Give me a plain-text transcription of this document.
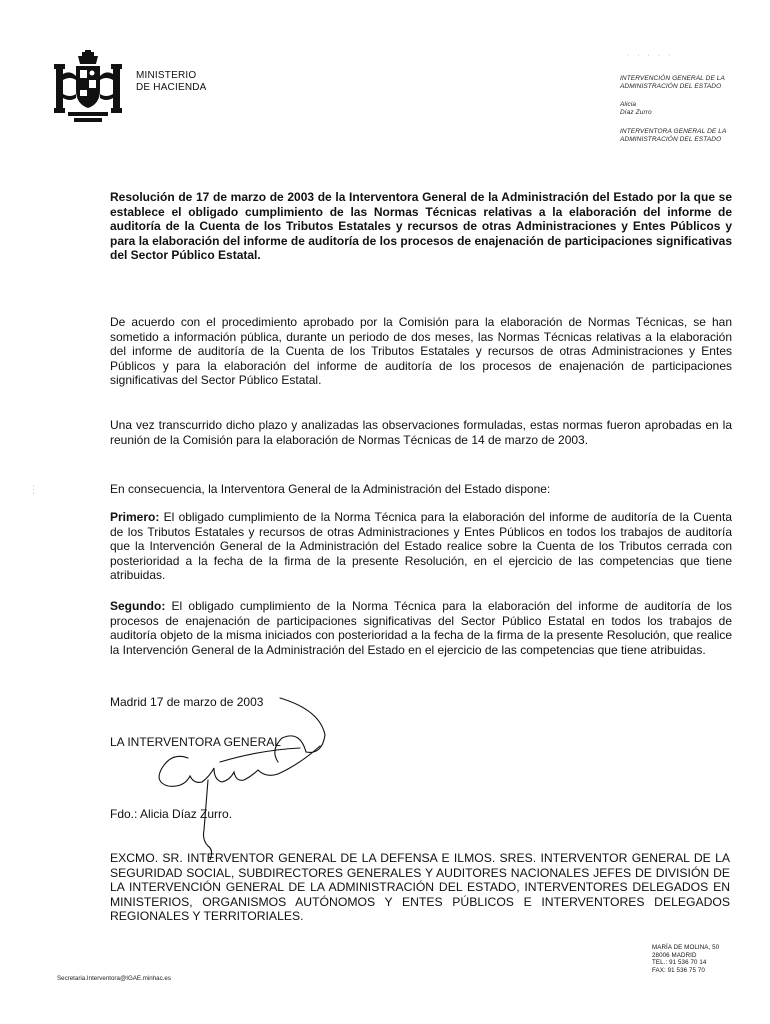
MINISTERIO
DE HACIENDA
· · · · ·
INTERVENCIÓN GENERAL DE LA
ADMINISTRACIÓN DEL ESTADO
Alicia
Díaz Zurro
INTERVENTORA GENERAL DE LA
ADMINISTRACIÓN DEL ESTADO
· · ·
Resolución de 17 de marzo de 2003 de la Interventora General de la Administración del Estado por la que se establece el obligado cumplimiento de las Normas Técnicas relativas a la elaboración del informe de auditoría de la Cuenta de los Tributos Estatales y recursos de otras Administraciones y Entes Públicos y para la elaboración del informe de auditoría de los procesos de enajenación de participaciones significativas del Sector Público Estatal.
De acuerdo con el procedimiento aprobado por la Comisión para la elaboración de Normas Técnicas, se han sometido a información pública, durante un periodo de dos meses, las Normas Técnicas relativas a la elaboración del informe de auditoría de la Cuenta de los Tributos Estatales y recursos de otras Administraciones y Entes Públicos y para la elaboración del informe de auditoría de los procesos de enajenación de participaciones significativas del Sector Público Estatal.
Una vez transcurrido dicho plazo y analizadas las observaciones formuladas, estas normas fueron aprobadas en la reunión de la Comisión para la elaboración de Normas Técnicas de 14 de marzo de 2003.
En consecuencia, la Interventora General de la Administración del Estado dispone:
Primero: El obligado cumplimiento de la Norma Técnica para la elaboración del informe de auditoría de la Cuenta de los Tributos Estatales y recursos de otras Administraciones y Entes Públicos en todos los trabajos de auditoría que la Intervención General de la Administración del Estado realice sobre la Cuenta de los Tributos cerrada con posterioridad a la fecha de la firma de la presente Resolución, en el ejercicio de las competencias que tiene atribuidas.
Segundo: El obligado cumplimiento de la Norma Técnica para la elaboración del informe de auditoría de los procesos de enajenación de participaciones significativas del Sector Público Estatal en todos los trabajos de auditoría objeto de la misma iniciados con posterioridad a la fecha de la firma de la presente Resolución, que realice la Intervención General de la Administración del Estado en el ejercicio de las competencias que tiene atribuidas.
Madrid 17 de marzo de 2003
LA INTERVENTORA GENERAL
Fdo.: Alicia Díaz Zurro.
EXCMO. SR. INTERVENTOR GENERAL DE LA DEFENSA E ILMOS. SRES. INTERVENTOR GENERAL DE LA SEGURIDAD SOCIAL, SUBDIRECTORES GENERALES Y AUDITORES NACIONALES JEFES DE DIVISIÓN DE LA INTERVENCIÓN GENERAL DE LA ADMINISTRACIÓN DEL ESTADO, INTERVENTORES DELEGADOS EN MINISTERIOS, ORGANISMOS AUTÓNOMOS Y ENTES PÚBLICOS E INTERVENTORES DELEGADOS REGIONALES Y TERRITORIALES.
MARÍA DE MOLINA, 50
28006 MADRID
TEL.: 91 536 70 14
FAX: 91 536 75 70
Secretaria.Interventora@IGAE.minhac.es
